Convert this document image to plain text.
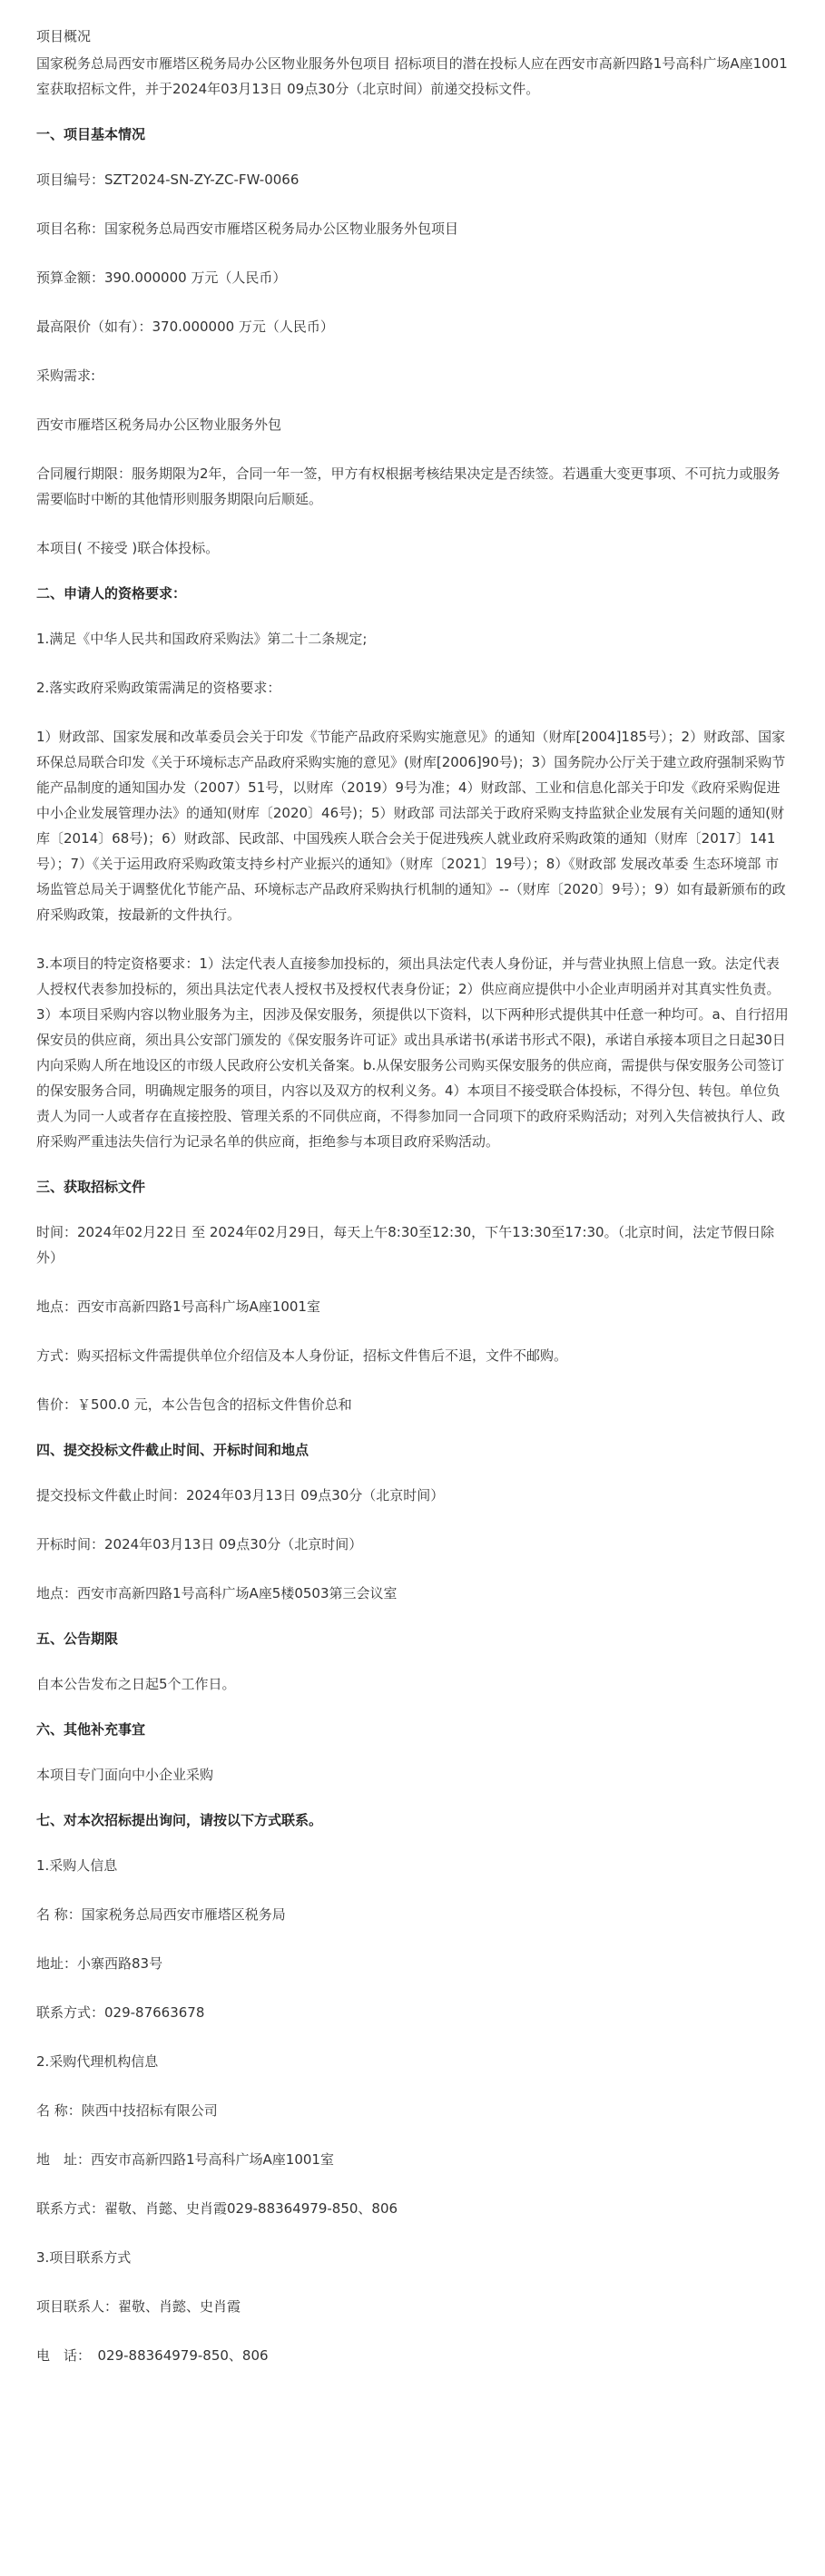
项目概况

国家税务总局西安市雁塔区税务局办公区物业服务外包项目 招标项目的潜在投标人应在西安市高新四路1号高科广场A座1001室获取招标文件，并于2024年03月13日 09点30分（北京时间）前递交投标文件。

一、项目基本情况

项目编号：SZT2024-SN-ZY-ZC-FW-0066

项目名称：国家税务总局西安市雁塔区税务局办公区物业服务外包项目

预算金额：390.000000 万元（人民币）

最高限价（如有）：370.000000 万元（人民币）

采购需求:

西安市雁塔区税务局办公区物业服务外包

合同履行期限：服务期限为2年，合同一年一签，甲方有权根据考核结果决定是否续签。若遇重大变更事项、不可抗力或服务需要临时中断的其他情形则服务期限向后顺延。

本项目( 不接受 )联合体投标。

二、申请人的资格要求：

1.满足《中华人民共和国政府采购法》第二十二条规定;

2.落实政府采购政策需满足的资格要求：

1）财政部、国家发展和改革委员会关于印发《节能产品政府采购实施意见》的通知（财库[2004]185号）；2）财政部、国家环保总局联合印发《关于环境标志产品政府采购实施的意见》(财库[2006]90号)；3）国务院办公厅关于建立政府强制采购节能产品制度的通知国办发（2007）51号，以财库（2019）9号为准；4）财政部、工业和信息化部关于印发《政府采购促进中小企业发展管理办法》的通知(财库〔2020〕46号)；5）财政部 司法部关于政府采购支持监狱企业发展有关问题的通知(财库〔2014〕68号)；6）财政部、民政部、中国残疾人联合会关于促进残疾人就业政府采购政策的通知（财库〔2017〕141号）；7）《关于运用政府采购政策支持乡村产业振兴的通知》（财库〔2021〕19号）；8）《财政部 发展改革委 生态环境部 市场监管总局关于调整优化节能产品、环境标志产品政府采购执行机制的通知》--（财库〔2020〕9号）；9）如有最新颁布的政府采购政策，按最新的文件执行。

3.本项目的特定资格要求：1）法定代表人直接参加投标的，须出具法定代表人身份证，并与营业执照上信息一致。法定代表人授权代表参加投标的，须出具法定代表人授权书及授权代表身份证；2）供应商应提供中小企业声明函并对其真实性负责。3）本项目采购内容以物业服务为主，因涉及保安服务，须提供以下资料，以下两种形式提供其中任意一种均可。a、自行招用保安员的供应商，须出具公安部门颁发的《保安服务许可证》或出具承诺书(承诺书形式不限)，承诺自承接本项目之日起30日内向采购人所在地设区的市级人民政府公安机关备案。b.从保安服务公司购买保安服务的供应商，需提供与保安服务公司签订的保安服务合同，明确规定服务的项目，内容以及双方的权利义务。4）本项目不接受联合体投标，不得分包、转包。单位负责人为同一人或者存在直接控股、管理关系的不同供应商，不得参加同一合同项下的政府采购活动；对列入失信被执行人、政府采购严重违法失信行为记录名单的供应商，拒绝参与本项目政府采购活动。

三、获取招标文件

时间：2024年02月22日 至 2024年02月29日，每天上午8:30至12:30，下午13:30至17:30。（北京时间，法定节假日除外）

地点：西安市高新四路1号高科广场A座1001室

方式：购买招标文件需提供单位介绍信及本人身份证，招标文件售后不退，文件不邮购。

售价：￥500.0 元，本公告包含的招标文件售价总和

四、提交投标文件截止时间、开标时间和地点

提交投标文件截止时间：2024年03月13日 09点30分（北京时间）

开标时间：2024年03月13日 09点30分（北京时间）

地点：西安市高新四路1号高科广场A座5楼0503第三会议室

五、公告期限

自本公告发布之日起5个工作日。

六、其他补充事宜

本项目专门面向中小企业采购

七、对本次招标提出询问，请按以下方式联系。

1.采购人信息

名 称：国家税务总局西安市雁塔区税务局

地址：小寨西路83号

联系方式：029-87663678

2.采购代理机构信息

名 称：陕西中技招标有限公司

地　址：西安市高新四路1号高科广场A座1001室

联系方式：翟敬、肖懿、史肖霞029-88364979-850、806

3.项目联系方式

项目联系人：翟敬、肖懿、史肖霞

电　话：　029-88364979-850、806
